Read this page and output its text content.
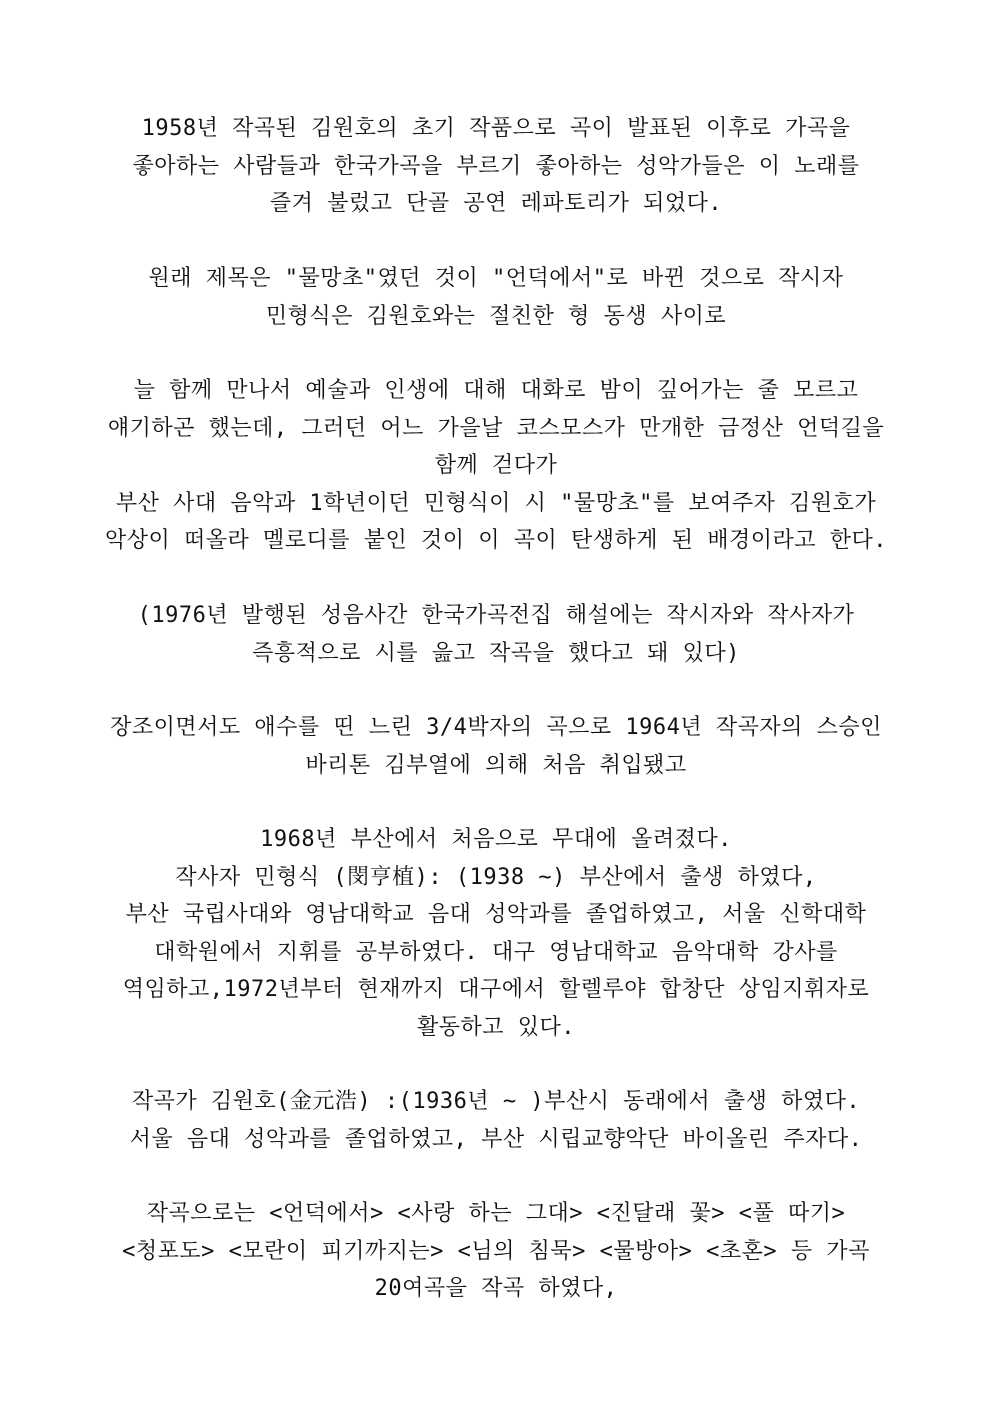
1958년 작곡된 김원호의 초기 작품으로 곡이 발표된 이후로 가곡을
좋아하는 사람들과 한국가곡을 부르기 좋아하는 성악가들은 이 노래를
즐겨 불렀고 단골 공연 레파토리가 되었다.
원래 제목은 "물망초"였던 것이 "언덕에서"로 바뀐 것으로 작시자
민형식은 김원호와는 절친한 형 동생 사이로
늘 함께 만나서 예술과 인생에 대해 대화로 밤이 깊어가는 줄 모르고
얘기하곤 했는데, 그러던 어느 가을날 코스모스가 만개한 금정산 언덕길을
함께 걷다가
부산 사대 음악과 1학년이던 민형식이 시 "물망초"를 보여주자 김원호가
악상이 떠올라 멜로디를 붙인 것이 이 곡이 탄생하게 된 배경이라고 한다.
(1976년 발행된 성음사간 한국가곡전집 해설에는 작시자와 작사자가
즉흥적으로 시를 읊고 작곡을 했다고 돼 있다)
장조이면서도 애수를 띤 느린 3/4박자의 곡으로 1964년 작곡자의 스승인
바리톤 김부열에 의해 처음 취입됐고
1968년 부산에서 처음으로 무대에 올려졌다.
작사자 민형식 (閔亨植): (1938 ~) 부산에서 출생 하였다,
부산 국립사대와 영남대학교 음대 성악과를 졸업하였고, 서울 신학대학
대학원에서 지휘를 공부하였다. 대구 영남대학교 음악대학 강사를
역임하고,1972년부터 현재까지 대구에서 할렐루야 합창단 상임지휘자로
활동하고 있다.
작곡가 김원호(金元浩) :(1936년 ~ )부산시 동래에서 출생 하였다.
서울 음대 성악과를 졸업하였고, 부산 시립교향악단 바이올린 주자다.
작곡으로는 <언덕에서> <사랑 하는 그대> <진달래 꽃> <풀 따기>
<청포도> <모란이 피기까지는> <님의 침묵> <물방아> <초혼> 등 가곡
20여곡을 작곡 하였다,
